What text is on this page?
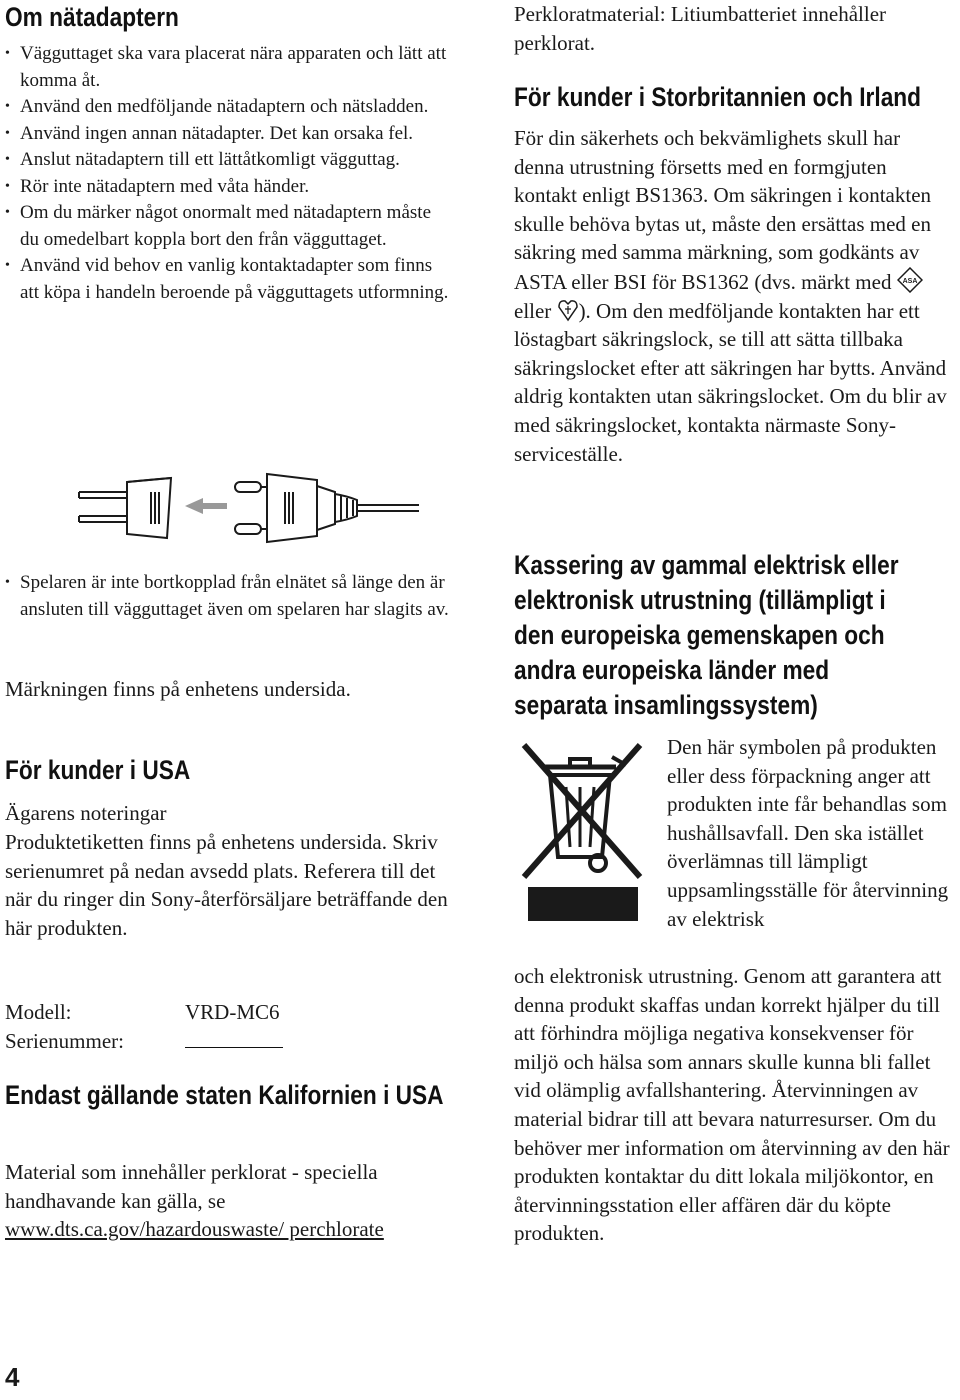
Om nätadaptern
• Vägguttaget ska vara placerat nära apparaten och lätt att komma åt.
• Använd den medföljande nätadaptern och nätsladden.
• Använd ingen annan nätadapter. Det kan orsaka fel.
• Anslut nätadaptern till ett lättåtkomligt vägguttag.
• Rör inte nätadaptern med våta händer.
• Om du märker något onormalt med nätadaptern måste du omedelbart koppla bort den från vägguttaget.
• Använd vid behov en vanlig kontaktadapter som finns att köpa i handeln beroende på vägguttagets utformning.
• Spelaren är inte bortkopplad från elnätet så länge den är ansluten till vägguttaget även om spelaren har slagits av.

Märkningen finns på enhetens undersida.

För kunder i USA

Ägarens noteringar

Produktetiketten finns på enhetens undersida. Skriv serienumret på nedan avsedd plats. Referera till det när du ringer din Sony-återförsäljare beträffande den här produkten.

Modell:	VRD-MC6
Serienummer:
Endast gällande staten Kalifornien i USA

Material som innehåller perklorat - speciella handhavande kan gälla, se
www.dts.ca.gov/hazardouswaste/ perchlorate

4

Perkloratmaterial: Litiumbatteriet innehåller perklorat.

För kunder i Storbritannien och Irland

För din säkerhets och bekvämlighets skull har denna utrustning försetts med en formgjuten kontakt enligt BS1363. Om säkringen i kontakten skulle behöva bytas ut, måste den ersättas med en säkring med samma märkning, som godkänts av ASTA eller BSI för BS1362 (dvs. märkt med ASA

eller ). Om den medföljande kontakten har ett löstagbart säkringslock, se till att sätta tillbaka säkringslocket efter att säkringen har bytts. Använd aldrig kontakten utan säkringslocket. Om du blir av med säkringslocket, kontakta närmaste Sony-serviceställe.

Kassering av gammal elektrisk eller
elektronisk utrustning (tillämpligt i
den europeiska gemenskapen och
andra europeiska länder med
separata insamlingssystem)

Den här symbolen på produkten eller dess förpackning anger att produkten inte får behandlas som hushållsavfall. Den ska istället överlämnas till lämpligt uppsamlingsställe för återvinning av elektrisk

och elektronisk utrustning. Genom att garantera att denna produkt skaffas undan korrekt hjälper du till att förhindra möjliga negativa konsekvenser för miljö och hälsa som annars skulle kunna bli fallet vid olämplig avfallshantering. Återvinningen av material bidrar till att bevara naturresurser. Om du behöver mer information om återvinning av den här produkten kontaktar du ditt lokala miljökontor, en återvinningsstation eller affären där du köpte produkten.
